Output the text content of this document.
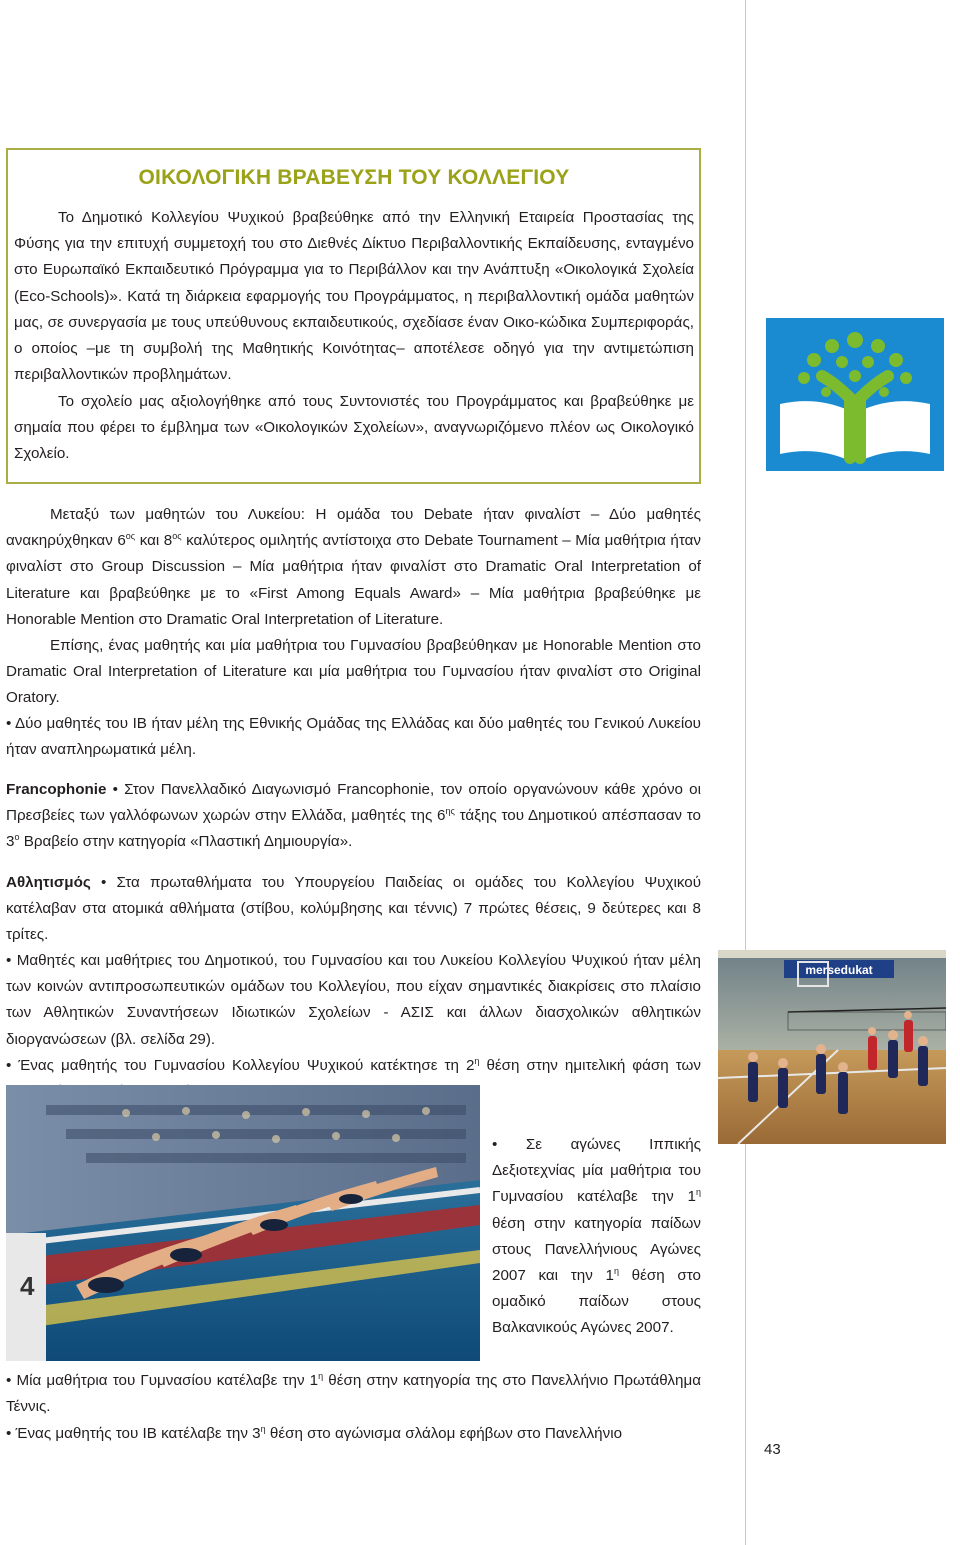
ΟΙΚΟΛΟΓΙΚΗ ΒΡΑΒΕΥΣΗ ΤΟΥ ΚΟΛΛΕΓΙΟΥ

Το Δημοτικό Κολλεγίου Ψυχικού βραβεύθηκε από την Ελληνική Εταιρεία Προστασίας της Φύσης για την επιτυχή συμμετοχή του στο Διεθνές Δίκτυο Περιβαλλοντικής Εκπαίδευσης, ενταγμένο στο Ευρωπαϊκό Εκπαιδευτικό Πρόγραμμα για το Περιβάλλον και την Ανάπτυξη «Οικολογικά Σχολεία (Eco-Schools)». Κατά τη διάρκεια εφαρμογής του Προγράμματος, η περιβαλλοντική ομάδα μαθητών μας, σε συνεργασία με τους υπεύθυνους εκπαιδευτικούς, σχεδίασε έναν Οικο-κώδικα Συμπεριφοράς, ο οποίος –με τη συμβολή της Μαθητικής Κοινότητας– αποτέλεσε οδηγό για την αντιμετώπιση περιβαλλοντικών προβλημάτων.

Το σχολείο μας αξιολογήθηκε από τους Συντονιστές του Προγράμματος και βραβεύθηκε με σημαία που φέρει το έμβλημα των «Οικολογικών Σχολείων», αναγνωριζόμενο πλέον ως Οικολογικό Σχολείο.

Μεταξύ των μαθητών του Λυκείου: Η ομάδα του Debate ήταν φιναλίστ – Δύο μαθητές ανακηρύχθηκαν $6^{o\varsigma}$ και $8^{o\varsigma}$ καλύτερος ομιλητής αντίστοιχα στο Debate Tournament – Μία μαθήτρια ήταν φιναλίστ στο Group Discussion – Μία μαθήτρια ήταν φιναλίστ στο Dramatic Oral Interpretation of Literature και βραβεύθηκε με το «First Among Equals Award» – Μία μαθήτρια βραβεύθηκε με Honorable Mention στο Dramatic Oral Interpretation of Literature.

Επίσης, ένας μαθητής και μία μαθήτρια του Γυμνασίου βραβεύθηκαν με Honorable Mention στο Dramatic Oral Interpretation of Literature και μία μαθήτρια του Γυμνασίου ήταν φιναλίστ στο Original Oratory.

• Δύο μαθητές του IB ήταν μέλη της Εθνικής Ομάδας της Ελλάδας και δύο μαθητές του Γενικού Λυκείου ήταν αναπληρωματικά μέλη.

Francophonie • Στον Πανελλαδικό Διαγωνισμό Francophonie, τον οποίο οργανώνουν κάθε χρόνο οι Πρεσβείες των γαλλόφωνων χωρών στην Ελλάδα, μαθητές της $6^{\eta\varsigma}$ τάξης του Δημοτικού απέσπασαν το $3^o$ Βραβείο στην κατηγορία «Πλαστική Δημιουργία».

Αθλητισμός • Στα πρωταθλήματα του Υπουργείου Παιδείας οι ομάδες του Κολλεγίου Ψυχικού κατέλαβαν στα ατομικά αθλήματα (στίβου, κολύμβησης και τέννις) 7 πρώτες θέσεις, 9 δεύτερες και 8 τρίτες.

• Μαθητές και μαθήτριες του Δημοτικού, του Γυμνασίου και του Λυκείου Κολλεγίου Ψυχικού ήταν μέλη των κοινών αντιπροσωπευτικών ομάδων του Κολλεγίου, που είχαν σημαντικές διακρίσεις στο πλαίσιο των Αθλητικών Συναντήσεων Ιδιωτικών Σχολείων - ΑΣΙΣ και άλλων διασχολικών αθλητικών διοργανώσεων (βλ. σελίδα 29).

mersedukat

• Ένας μαθητής του Γυμνασίου Κολλεγίου Ψυχικού κατέκτησε τη $2^\eta$ θέση στην ημιτελική φάση των

4

• Σε αγώνες Ιππικής Δεξιοτεχνίας μία μαθήτρια του Γυμνασίου κατέλαβε την $1^\eta$ θέση στην κατηγορία παίδων στους Πανελλήνιους Αγώνες 2007 και την $1^\eta$ θέση στο ομαδικό παίδων στους Βαλκανικούς Αγώνες 2007.

• Μία μαθήτρια του Γυμνασίου κατέλαβε την $1^\eta$ θέση στην κατηγορία της στο Πανελλήνιο Πρωτάθλημα Τέννις.

• Ένας μαθητής του IB κατέλαβε την $3^\eta$ θέση στο αγώνισμα σλάλομ εφήβων στο Πανελλήνιο

43
